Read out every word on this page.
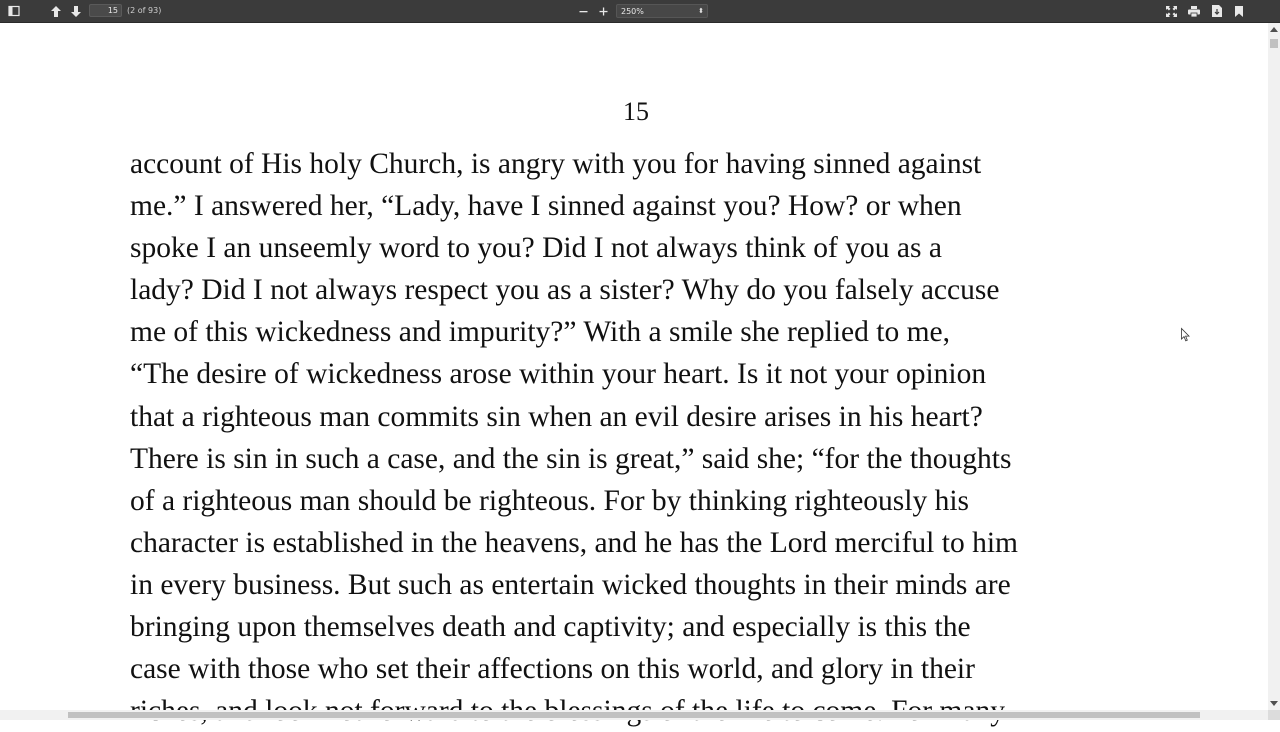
15	(2 of 93)	250%	⬍
15
account of His holy Church, is angry with you for having sinned against
me.” I answered her, “Lady, have I sinned against you? How? or when
spoke I an unseemly word to you? Did I not always think of you as a
lady? Did I not always respect you as a sister? Why do you falsely accuse
me of this wickedness and impurity?” With a smile she replied to me,
“The desire of wickedness arose within your heart. Is it not your opinion
that a righteous man commits sin when an evil desire arises in his heart?
There is sin in such a case, and the sin is great,” said she; “for the thoughts
of a righteous man should be righteous. For by thinking righteously his
character is established in the heavens, and he has the Lord merciful to him
in every business. But such as entertain wicked thoughts in their minds are
bringing upon themselves death and captivity; and especially is this the
case with those who set their affections on this world, and glory in their
